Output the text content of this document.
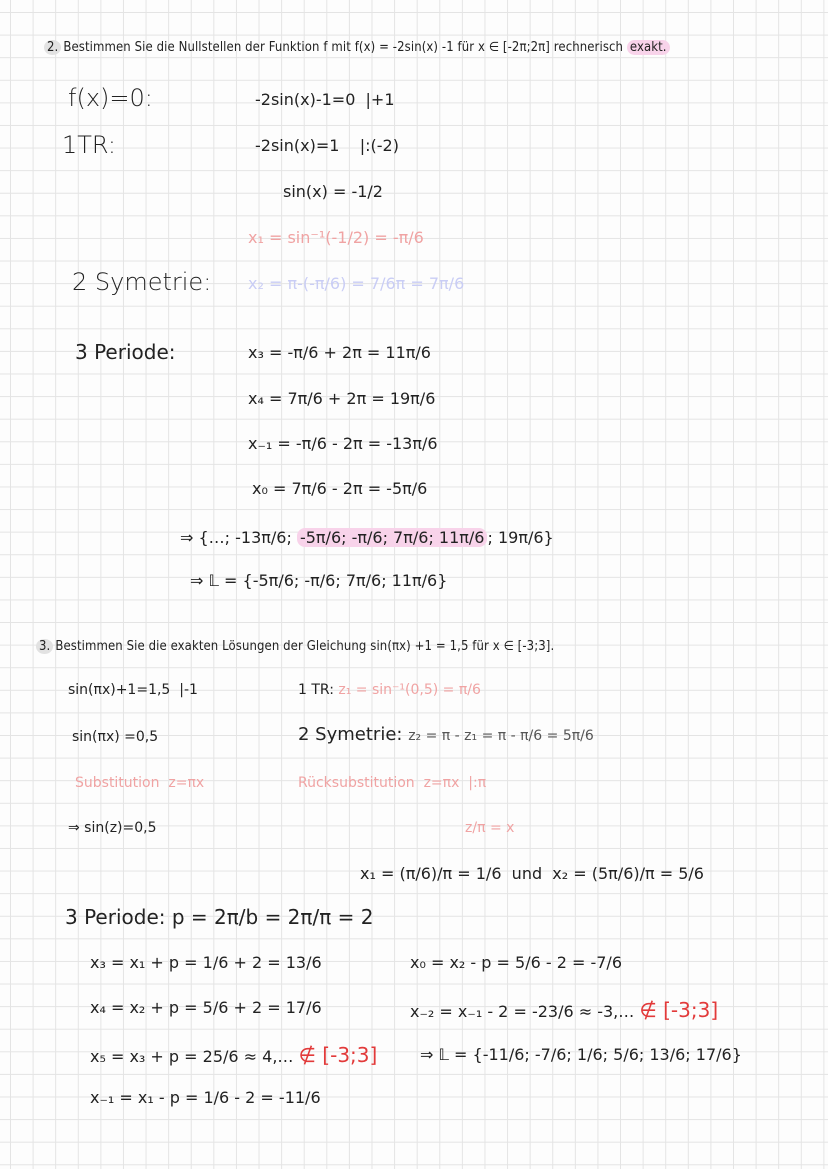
2. Bestimmen Sie die Nullstellen der Funktion f mit f(x) = -2sin(x) -1 für x ∈ [-2π;2π] rechnerisch exakt.
f(x)=0:	-2sin(x)-1=0  |+1
1TR:	-2sin(x)=1    |:(-2)
sin(x) = -1/2
x₁ = sin⁻¹(-1/2) = -π/6
2 Symetrie: x₂ = π-(-π/6) = 7/6π = 7π/6
3 Periode:	x₃ = -π/6 + 2π = 11π/6
x₄ = 7π/6 + 2π = 19π/6
x₋₁ = -π/6 - 2π = -13π/6
x₀ = 7π/6 - 2π = -5π/6
⇒ {…; -13π/6; -5π/6; -π/6; 7π/6; 11π/6 ; 19π/6}
⇒ 𝕃 = {-5π/6; -π/6; 7π/6; 11π/6}
3. Bestimmen Sie die exakten Lösungen der Gleichung sin(πx) +1 = 1,5 für x ∈ [-3;3].
sin(πx)+1=1,5  |-1	1 TR: z₁ = sin⁻¹(0,5) = π/6
sin(πx) =0,5	2 Symetrie: z₂ = π - z₁ = π - π/6 = 5π/6
Substitution  z=πx	Rücksubstitution  z=πx  |:π
⇒ sin(z)=0,5	z/π = x
x₁ = (π/6)/π = 1/6  und  x₂ = (5π/6)/π = 5/6
3 Periode: p = 2π/b = 2π/π = 2
x₃ = x₁ + p = 1/6 + 2 = 13/6	x₀ = x₂ - p = 5/6 - 2 = -7/6
x₄ = x₂ + p = 5/6 + 2 = 17/6	x₋₂ = x₋₁ - 2 = -23/6 ≈ -3,… ∉ [-3;3]
x₅ = x₃ + p = 25/6 ≈ 4,… ∉ [-3;3]	⇒ 𝕃 = {-11/6; -7/6; 1/6; 5/6; 13/6; 17/6}
x₋₁ = x₁ - p = 1/6 - 2 = -11/6
